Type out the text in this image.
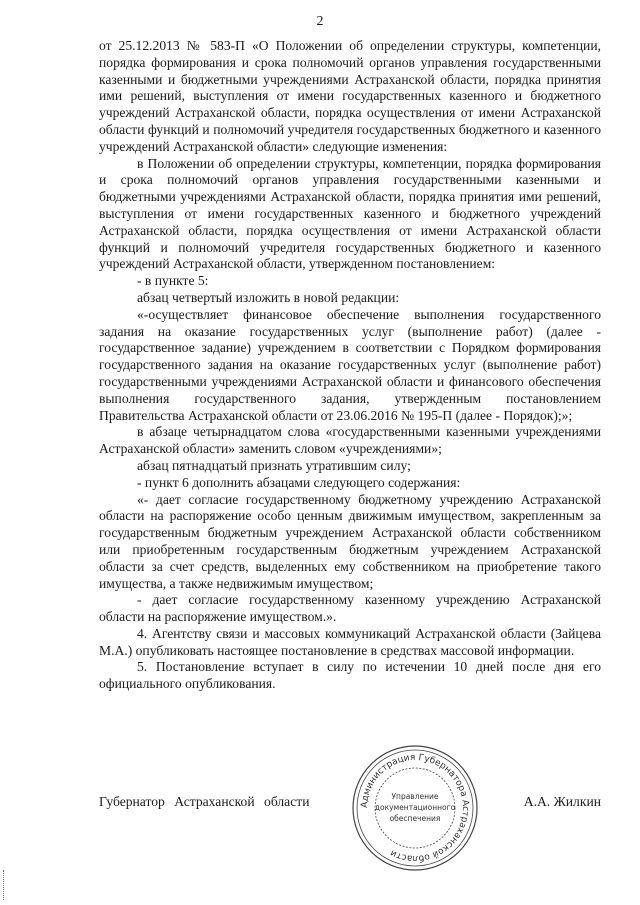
2

от 25.12.2013 № 583-П «О Положении об определении структуры, компетенции, порядка формирования и срока полномочий органов управления государственными казенными и бюджетными учреждениями Астраханской области, порядка принятия ими решений, выступления от имени государственных казенного и бюджетного учреждений Астраханской области, порядка осуществления от имени Астраханской области функций и полномочий учредителя государственных бюджетного и казенного учреждений Астраханской области» следующие изменения:

в Положении об определении структуры, компетенции, порядка формирования и срока полномочий органов управления государственными казенными и бюджетными учреждениями Астраханской области, порядка принятия ими решений, выступления от имени государственных казенного и бюджетного учреждений Астраханской области, порядка осуществления от имени Астраханской области функций и полномочий учредителя государственных бюджетного и казенного учреждений Астраханской области, утвержденном постановлением:

- в пункте 5:

абзац четвертый изложить в новой редакции:

«-осуществляет финансовое обеспечение выполнения государственного задания на оказание государственных услуг (выполнение работ) (далее - государственное задание) учреждением в соответствии с Порядком формирования государственного задания на оказание государственных услуг (выполнение работ) государственными учреждениями Астраханской области и финансового обеспечения выполнения государственного задания, утвержденным постановлением Правительства Астраханской области от 23.06.2016 № 195-П (далее - Порядок);»;

в абзаце четырнадцатом слова «государственными казенными учреждениями Астраханской области» заменить словом «учреждениями»;

абзац пятнадцатый признать утратившим силу;

- пункт 6 дополнить абзацами следующего содержания:

«- дает согласие государственному бюджетному учреждению Астраханской области на распоряжение особо ценным движимым имуществом, закрепленным за государственным бюджетным учреждением Астраханской области собственником или приобретенным государственным бюджетным учреждением Астраханской области за счет средств, выделенных ему собственником на приобретение такого имущества, а также недвижимым имуществом;

- дает согласие государственному казенному учреждению Астраханской области на распоряжение имуществом.».

4. Агентству связи и массовых коммуникаций Астраханской области (Зайцева М.А.) опубликовать настоящее постановление в средствах массовой информации.

5. Постановление вступает в силу по истечении 10 дней после дня его официального опубликования.

Губернатор Астраханской области	А.А. Жилкин
Администрация Губернатора Астраханской области
Управление
документационного
обеспечения
